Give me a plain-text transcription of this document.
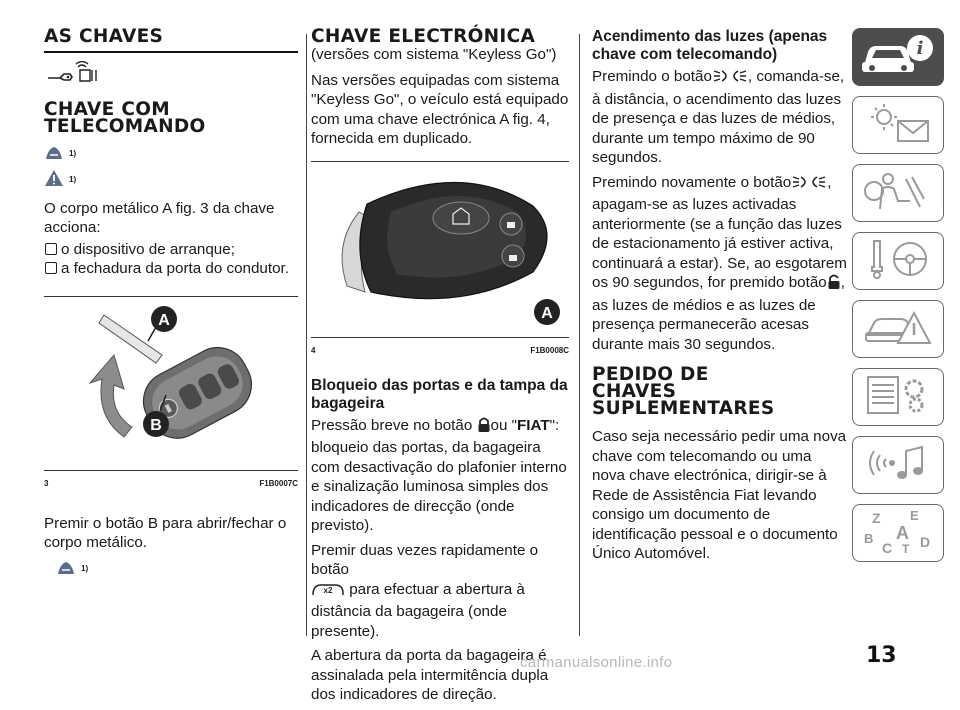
AS CHAVES
CHAVE COM TELECOMANDO
1)
1)

O corpo metálico A fig. 3 da chave acciona:

o dispositivo de arranque;
a fechadura da porta do condutor.
A
B
3	F1B0007C

Premir o botão B para abrir/fechar o corpo metálico.

1)
CHAVE ELECTRÓNICA

(versões com sistema "Keyless Go")

Nas versões equipadas com sistema "Keyless Go", o veículo está equipado com uma chave electrónica A fig. 4, fornecida em duplicado.

A
4	F1B0008C
Bloqueio das portas e da tampa da bagageira

Pressão breve no botão ou "FIAT": bloqueio das portas, da bagageira com desactivação do plafonier interno e sinalização luminosa simples dos indicadores de direcção (onde previsto).

Premir duas vezes rapidamente o botão

x2 para efectuar a abertura à distância da bagageira (onde presente).

A abertura da porta da bagageira é assinalada pela intermitência dupla dos indicadores de direção.

Acendimento das luzes (apenas chave com telecomando)

Premindo o botão , comanda-se, à distância, o acendimento das luzes de presença e das luzes de médios, durante um tempo máximo de 90 segundos.

Premindo novamente o botão , apagam-se as luzes activadas anteriormente (se a função das luzes de estacionamento já estiver activa, continuará a estar). Se, ao esgotarem os 90 segundos, for premido botão , as luzes de médios e as luzes de presença permanecerão acesas durante mais 30 segundos.

PEDIDO DE CHAVES SUPLEMENTARES

Caso seja necessário pedir uma nova chave com telecomando ou uma nova chave electrónica, dirigir-se à Rede de Assistência Fiat levando consigo um documento de identificação pessoal e o documento Único Automóvel.

i
Z E
A
B
C T D
13
carmanualsonline.info
